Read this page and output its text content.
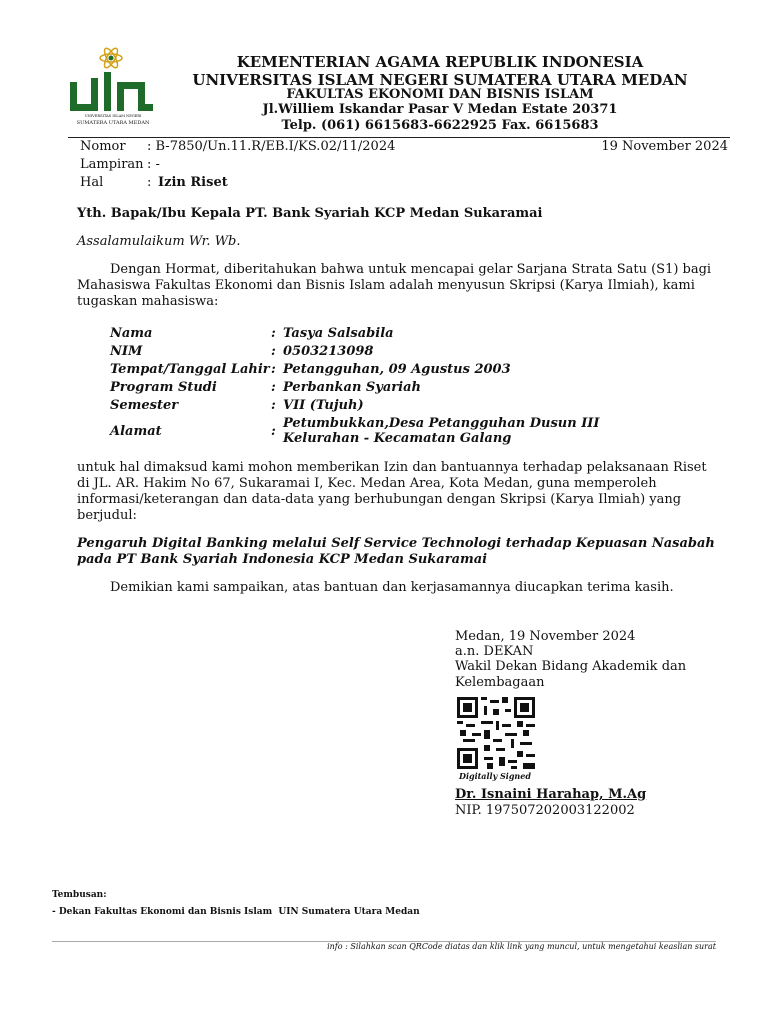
UNIVERSITAS ISLAM NEGERI
SUMATERA UTARA MEDAN
KEMENTERIAN AGAMA REPUBLIK INDONESIA
UNIVERSITAS ISLAM NEGERI SUMATERA UTARA MEDAN
FAKULTAS EKONOMI DAN BISNIS ISLAM
Jl.Williem Iskandar Pasar V Medan Estate 20371
Telp. (061) 6615683-6622925 Fax. 6615683
Nomor : B-7850/Un.11.R/EB.I/KS.02/11/2024	19 November 2024
Lampiran : -
Hal	: Izin Riset
Yth. Bapak/Ibu Kepala PT. Bank Syariah KCP Medan Sukaramai
Assalamulaikum Wr. Wb.
Dengan Hormat, diberitahukan bahwa untuk mencapai gelar Sarjana Strata Satu (S1) bagi Mahasiswa Fakultas Ekonomi dan Bisnis Islam adalah menyusun Skripsi (Karya Ilmiah), kami tugaskan mahasiswa:
Nama	:	Tasya Salsabila
NIM	:	0503213098
Tempat/Tanggal Lahir	:	Petangguhan, 09 Agustus 2003
Program Studi	:	Perbankan Syariah
Semester	:	VII (Tujuh)
Alamat	:	Petumbukkan,Desa Petangguhan Dusun III Kelurahan - Kecamatan Galang
untuk hal dimaksud kami mohon memberikan Izin dan bantuannya terhadap pelaksanaan Riset di JL. AR. Hakim No 67, Sukaramai I, Kec. Medan Area, Kota Medan, guna memperoleh informasi/keterangan dan data-data yang berhubungan dengan Skripsi (Karya Ilmiah) yang berjudul:
Pengaruh Digital Banking melalui Self Service Technologi terhadap Kepuasan Nasabah pada PT Bank Syariah Indonesia KCP Medan Sukaramai
Demikian kami sampaikan, atas bantuan dan kerjasamannya diucapkan terima kasih.
Medan, 19 November 2024
a.n. DEKAN
Wakil Dekan Bidang Akademik dan Kelembagaan
Digitally Signed
Dr. Isnaini Harahap, M.Ag
NIP. 197507202003122002
Tembusan:
- Dekan Fakultas Ekonomi dan Bisnis Islam  UIN Sumatera Utara Medan
info : Silahkan scan QRCode diatas dan klik link yang muncul, untuk mengetahui keaslian surat
